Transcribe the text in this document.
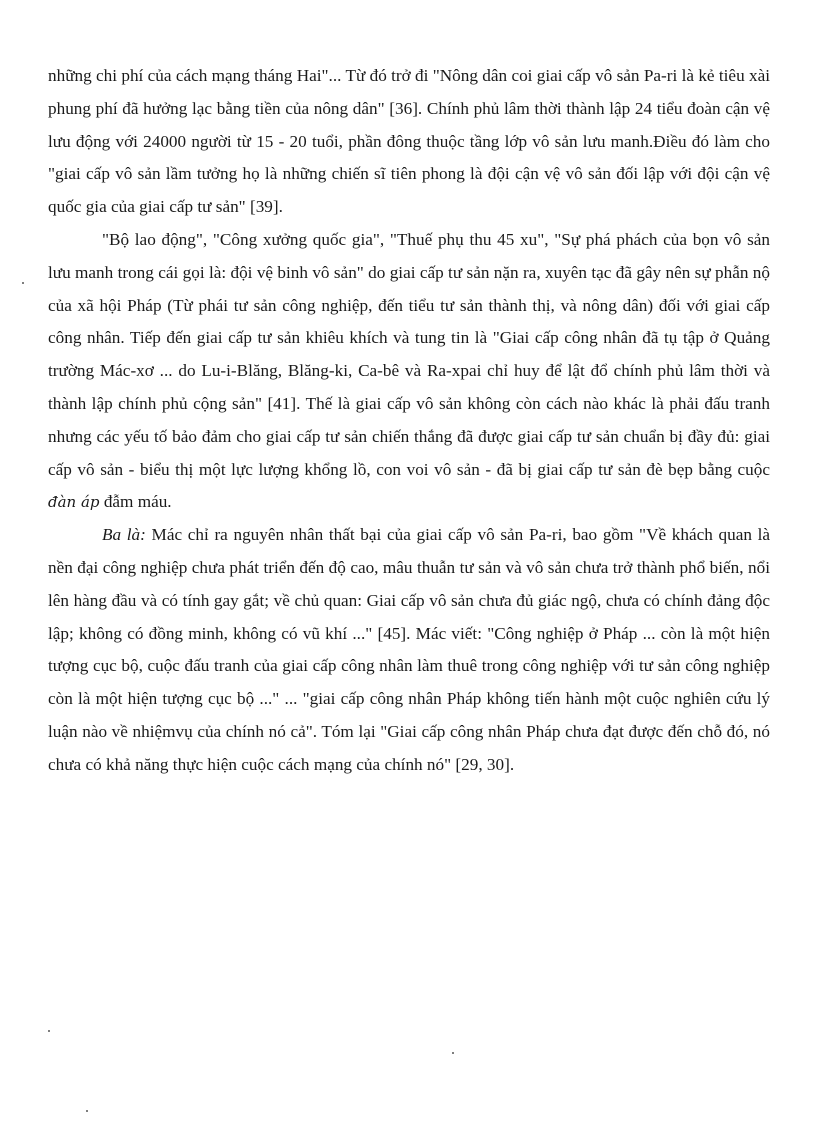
những chi phí của cách mạng tháng Hai"... Từ đó trở đi "Nông dân coi giai cấp vô sản Pa-ri là kẻ tiêu xài phung phí đã hưởng lạc bằng tiền của nông dân" [36]. Chính phủ lâm thời thành lập 24 tiểu đoàn cận vệ lưu động với 24000 người từ 15 - 20 tuổi, phần đông thuộc tầng lớp vô sản lưu manh.Điều đó làm cho "giai cấp vô sản lầm tưởng họ là những chiến sĩ tiên phong là đội cận vệ vô sản đối lập với đội cận vệ quốc gia của giai cấp tư sản" [39].

"Bộ lao động", "Công xưởng quốc gia", "Thuế phụ thu 45 xu", "Sự phá phách của bọn vô sản lưu manh trong cái gọi là: đội vệ binh vô sản" do giai cấp tư sản nặn ra, xuyên tạc đã gây nên sự phẫn nộ của xã hội Pháp (Từ phái tư sản công nghiệp, đến tiểu tư sản thành thị, và nông dân) đối với giai cấp công nhân. Tiếp đến giai cấp tư sản khiêu khích và tung tin là "Giai cấp công nhân đã tụ tập ở Quảng trường Mác-xơ ... do Lu-i-Blăng, Blăng-ki, Ca-bê và Ra-xpai chỉ huy để lật đổ chính phủ lâm thời và thành lập chính phủ cộng sản" [41]. Thế là giai cấp vô sản không còn cách nào khác là phải đấu tranh nhưng các yếu tố bảo đảm cho giai cấp tư sản chiến thắng đã được giai cấp tư sản chuẩn bị đầy đủ: giai cấp vô sản - biểu thị một lực lượng khổng lồ, con voi vô sản - đã bị giai cấp tư sản đè bẹp bằng cuộc đàn áp đẫm máu.

Ba là: Mác chỉ ra nguyên nhân thất bại của giai cấp vô sản Pa-ri, bao gồm "Về khách quan là nền đại công nghiệp chưa phát triển đến độ cao, mâu thuẫn tư sản và vô sản chưa trở thành phổ biến, nổi lên hàng đầu và có tính gay gắt; về chủ quan: Giai cấp vô sản chưa đủ giác ngộ, chưa có chính đảng độc lập; không có đồng minh, không có vũ khí ..." [45]. Mác viết: "Công nghiệp ở Pháp ... còn là một hiện tượng cục bộ, cuộc đấu tranh của giai cấp công nhân làm thuê trong công nghiệp với tư sản công nghiệp còn là một hiện tượng cục bộ ..." ... "giai cấp công nhân Pháp không tiến hành một cuộc nghiên cứu lý luận nào về nhiệmvụ của chính nó cả". Tóm lại "Giai cấp công nhân Pháp chưa đạt được đến chỗ đó, nó chưa có khả năng thực hiện cuộc cách mạng của chính nó" [29, 30].
